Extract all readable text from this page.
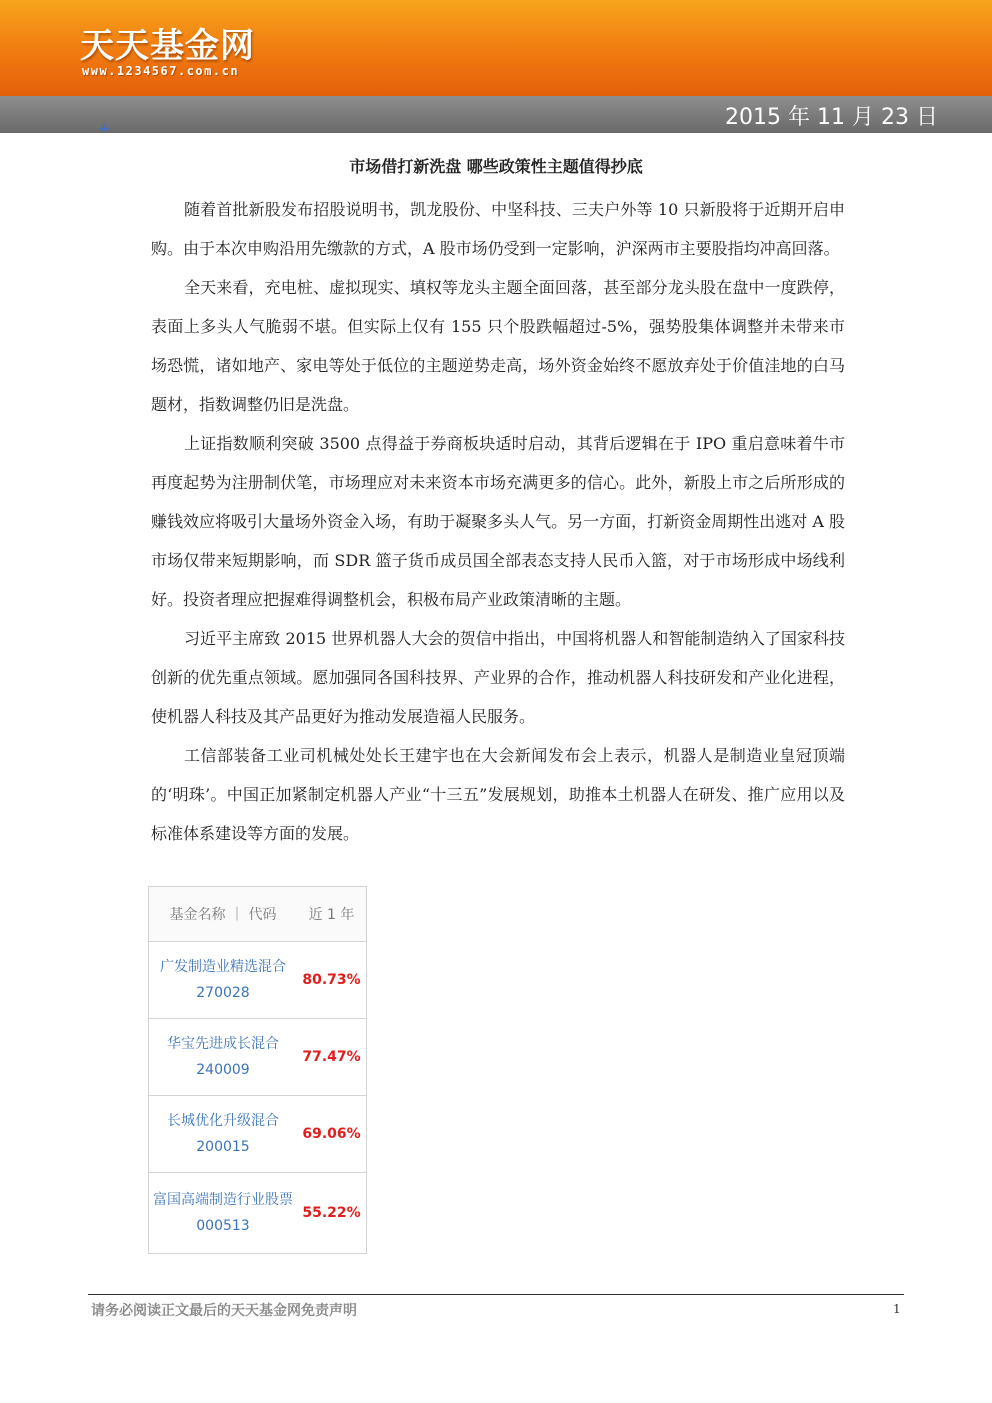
天天基金网
www.1234567.com.cn
2015 年 11 月 23 日
+
市场借打新洗盘 哪些政策性主题值得抄底

随着首批新股发布招股说明书，凯龙股份、中坚科技、三夫户外等 10 只新股将于近期开启申购。由于本次申购沿用先缴款的方式，A 股市场仍受到一定影响，沪深两市主要股指均冲高回落。

全天来看，充电桩、虚拟现实、填权等龙头主题全面回落，甚至部分龙头股在盘中一度跌停，表面上多头人气脆弱不堪。但实际上仅有 155 只个股跌幅超过-5%，强势股集体调整并未带来市场恐慌，诸如地产、家电等处于低位的主题逆势走高，场外资金始终不愿放弃处于价值洼地的白马题材，指数调整仍旧是洗盘。

上证指数顺利突破 3500 点得益于券商板块适时启动，其背后逻辑在于 IPO 重启意味着牛市再度起势为注册制伏笔，市场理应对未来资本市场充满更多的信心。此外，新股上市之后所形成的赚钱效应将吸引大量场外资金入场，有助于凝聚多头人气。另一方面，打新资金周期性出逃对 A 股市场仅带来短期影响，而 SDR 篮子货币成员国全部表态支持人民币入篮，对于市场形成中场线利好。投资者理应把握难得调整机会，积极布局产业政策清晰的主题。

习近平主席致 2015 世界机器人大会的贺信中指出，中国将机器人和智能制造纳入了国家科技创新的优先重点领域。愿加强同各国科技界、产业界的合作，推动机器人科技研发和产业化进程，使机器人科技及其产品更好为推动发展造福人民服务。

工信部装备工业司机械处处长王建宇也在大会新闻发布会上表示，机器人是制造业皇冠顶端的‘明珠’。中国正加紧制定机器人产业“十三五”发展规划，助推本土机器人在研发、推广应用以及标准体系建设等方面的发展。

基金名称 ｜ 代码	近 1 年
广发制造业精选混合
270028
80.73%
华宝先进成长混合
240009
77.47%
长城优化升级混合
200015
69.06%
富国高端制造行业股票
000513
55.22%
请务必阅读正文最后的天天基金网免责声明	1
